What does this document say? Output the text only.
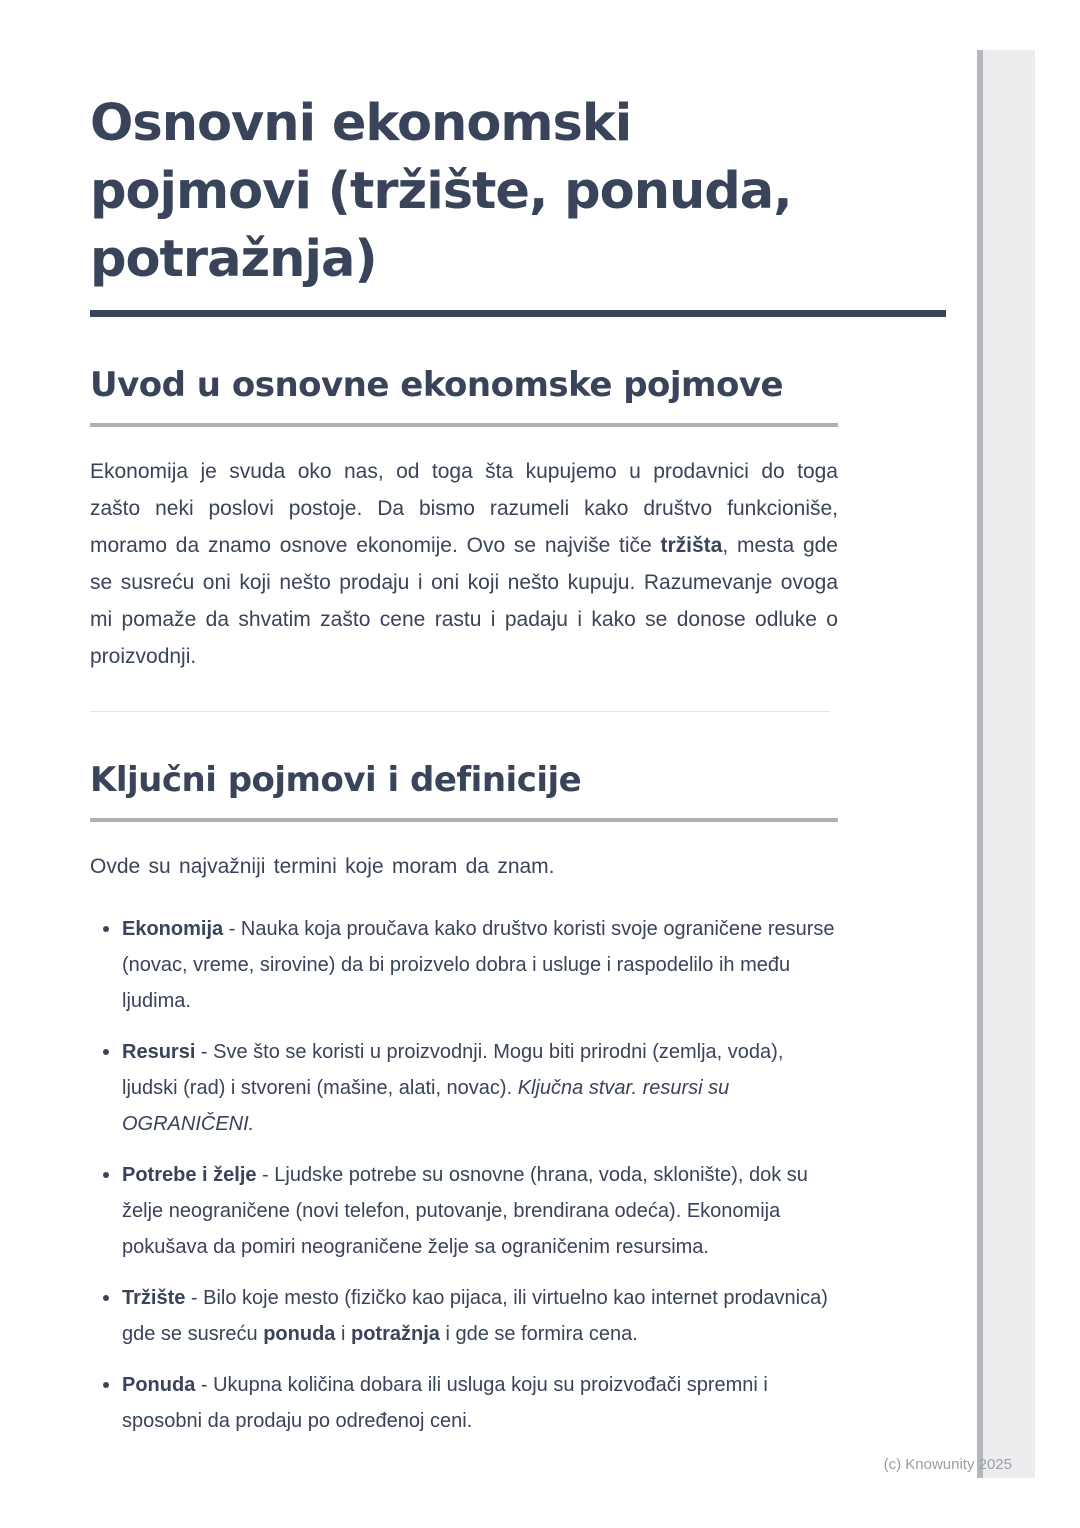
Osnovni ekonomski
pojmovi (tržište, ponuda,
potražnja)
Uvod u osnovne ekonomske pojmove

Ekonomija je svuda oko nas, od toga šta kupujemo u prodavnici do toga zašto neki poslovi postoje. Da bismo razumeli kako društvo funkcioniše, moramo da znamo osnove ekonomije. Ovo se najviše tiče tržišta, mesta gde se susreću oni koji nešto prodaju i oni koji nešto kupuju. Razumevanje ovoga mi pomaže da shvatim zašto cene rastu i padaju i kako se donose odluke o proizvodnji.

Ključni pojmovi i definicije

Ovde su najvažniji termini koje moram da znam.

Ekonomija - Nauka koja proučava kako društvo koristi svoje ograničene resurse (novac, vreme, sirovine) da bi proizvelo dobra i usluge i raspodelilo ih među ljudima.
Resursi - Sve što se koristi u proizvodnji. Mogu biti prirodni (zemlja, voda), ljudski (rad) i stvoreni (mašine, alati, novac). Ključna stvar. resursi su OGRANIČENI.
Potrebe i želje - Ljudske potrebe su osnovne (hrana, voda, sklonište), dok su želje neograničene (novi telefon, putovanje, brendirana odeća). Ekonomija pokušava da pomiri neograničene želje sa ograničenim resursima.
Tržište - Bilo koje mesto (fizičko kao pijaca, ili virtuelno kao internet prodavnica) gde se susreću ponuda i potražnja i gde se formira cena.
Ponuda - Ukupna količina dobara ili usluga koju su proizvođači spremni i sposobni da prodaju po određenoj ceni.
(c) Knowunity 2025
